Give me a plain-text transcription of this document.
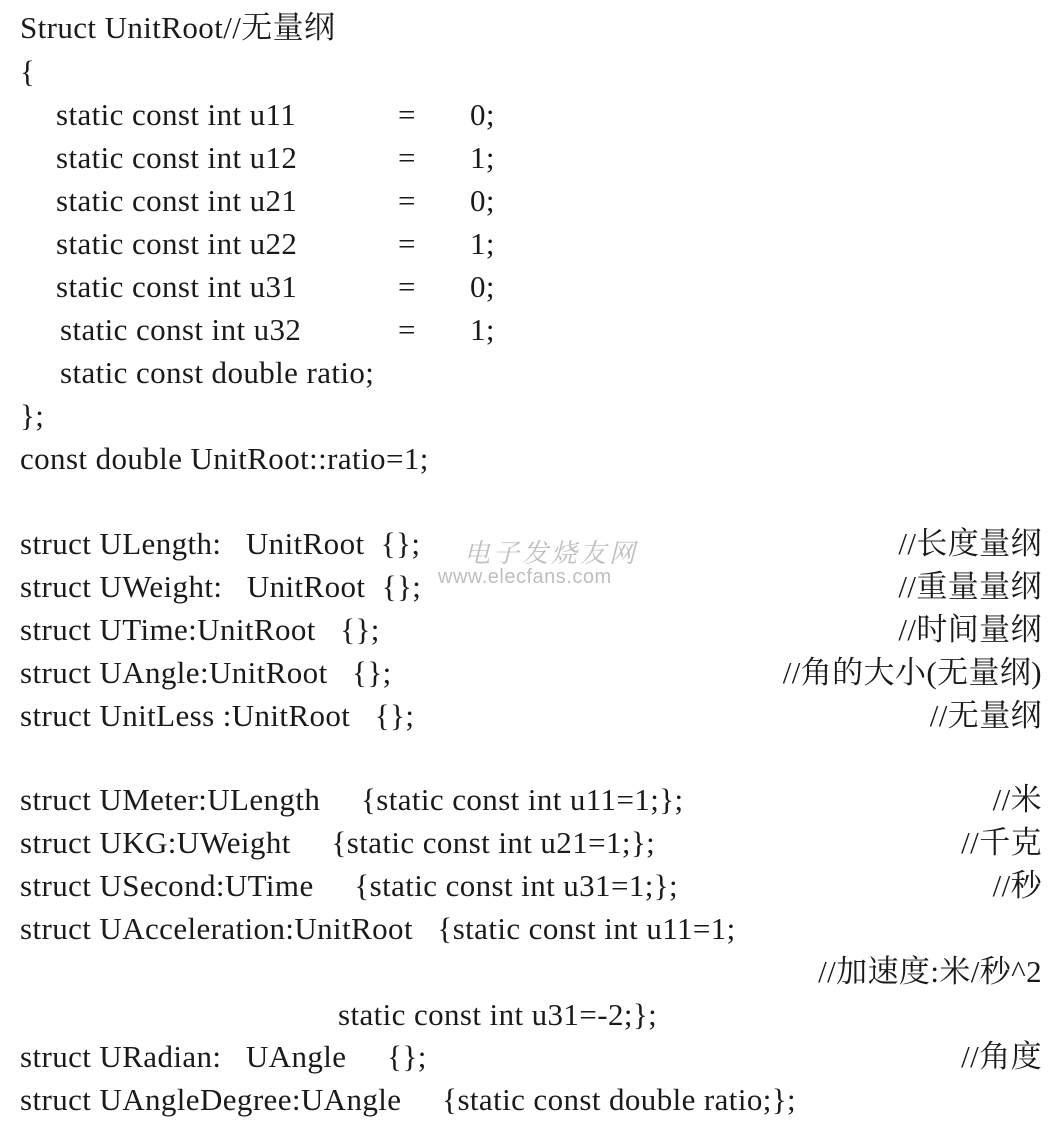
Struct UnitRoot//无量纲
{
static const int u11	= 0;
static const int u12	= 1;
static const int u21	= 0;
static const int u22	= 1;
static const int u31	= 0;
static const int u32	= 1;
static const double ratio;
};
const double UnitRoot::ratio=1;
struct ULength:   UnitRoot  {};	//长度量纲
struct UWeight:   UnitRoot  {};	//重量量纲
struct UTime:UnitRoot   {};	//时间量纲
struct UAngle:UnitRoot   {};	//角的大小(无量纲)
struct UnitLess :UnitRoot   {};	//无量纲
struct UMeter:ULength     {static const int u11=1;};	//米
struct UKG:UWeight     {static const int u21=1;};	//千克
struct USecond:UTime     {static const int u31=1;};	//秒
struct UAcceleration:UnitRoot   {static const int u11=1;
//加速度:米/秒^2
static const int u31=-2;};
struct URadian:   UAngle     {};	//角度
struct UAngleDegree:UAngle     {static const double ratio;};
电子发烧友网
www.elecfans.com
